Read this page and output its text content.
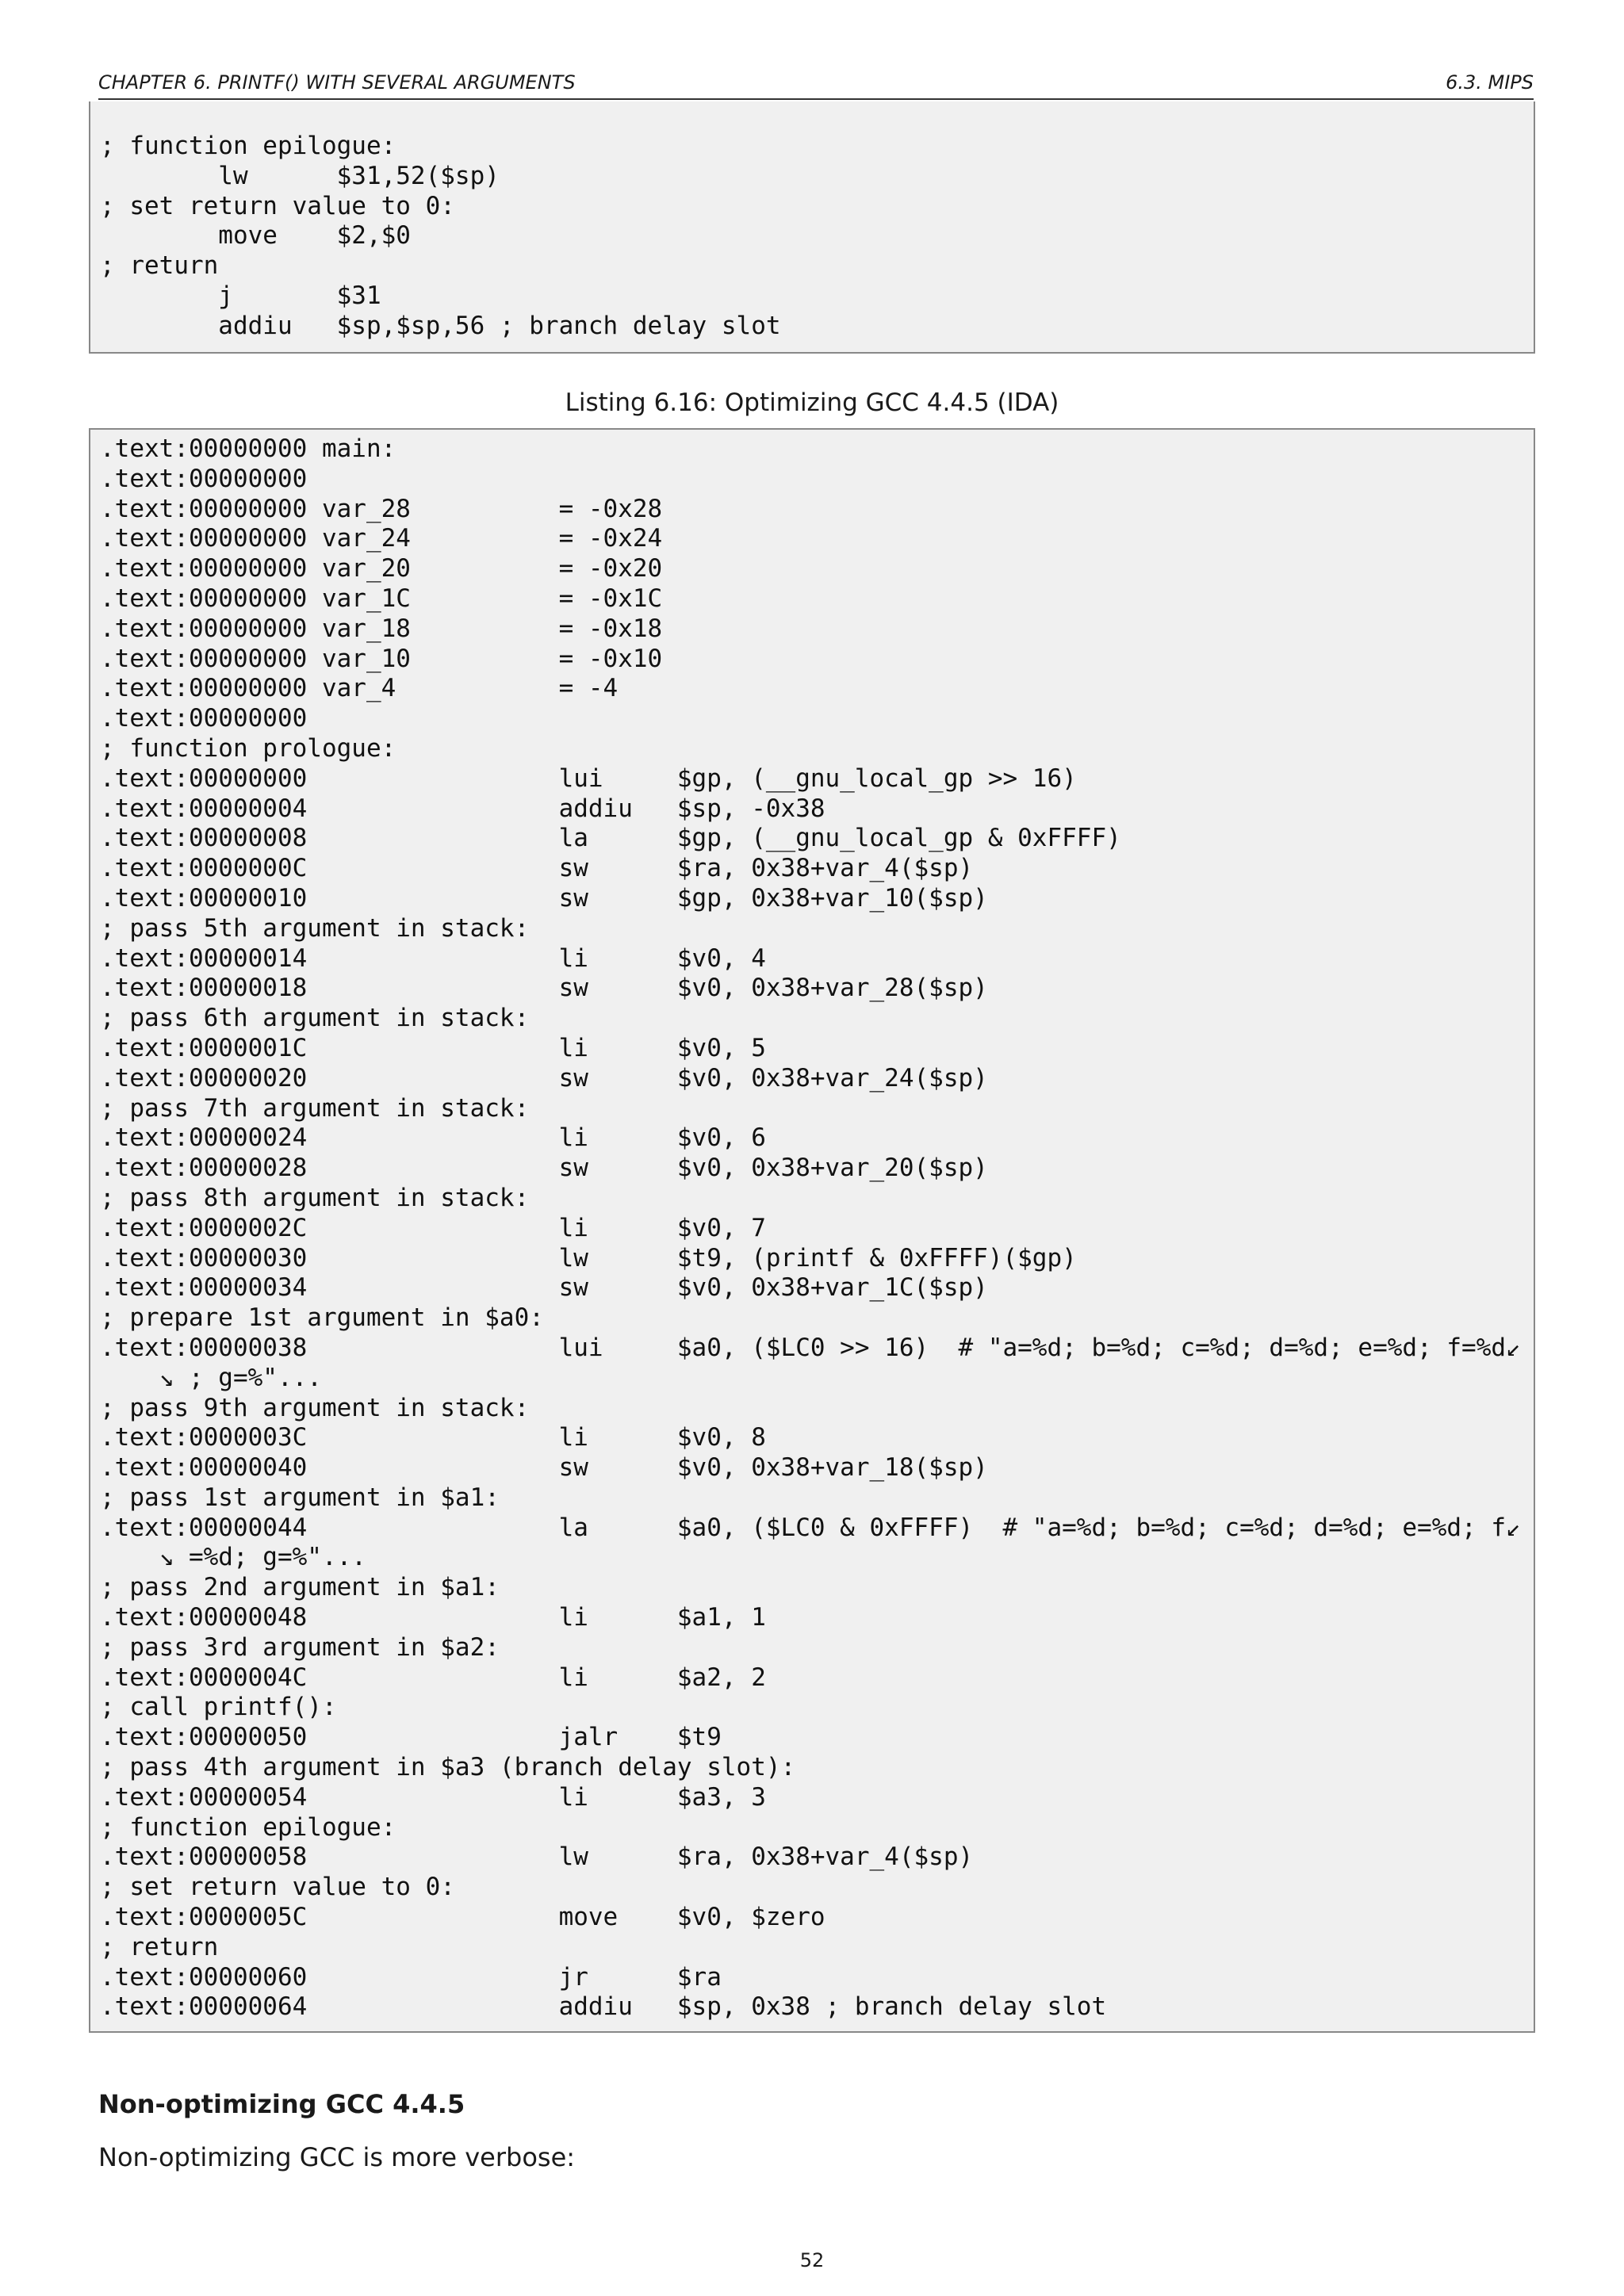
CHAPTER 6. PRINTF() WITH SEVERAL ARGUMENTS	6.3. MIPS
; function epilogue:
lw      $31,52($sp)
; set return value to 0:
move    $2,$0
; return
j       $31
addiu   $sp,$sp,56 ; branch delay slot
Listing 6.16: Optimizing GCC 4.4.5 (IDA)
.text:00000000 main:
.text:00000000
.text:00000000 var_28          = -0x28
.text:00000000 var_24          = -0x24
.text:00000000 var_20          = -0x20
.text:00000000 var_1C          = -0x1C
.text:00000000 var_18          = -0x18
.text:00000000 var_10          = -0x10
.text:00000000 var_4           = -4
.text:00000000
; function prologue:
.text:00000000                 lui     $gp, (__gnu_local_gp >> 16)
.text:00000004                 addiu   $sp, -0x38
.text:00000008                 la      $gp, (__gnu_local_gp & 0xFFFF)
.text:0000000C                 sw      $ra, 0x38+var_4($sp)
.text:00000010                 sw      $gp, 0x38+var_10($sp)
; pass 5th argument in stack:
.text:00000014                 li      $v0, 4
.text:00000018                 sw      $v0, 0x38+var_28($sp)
; pass 6th argument in stack:
.text:0000001C                 li      $v0, 5
.text:00000020                 sw      $v0, 0x38+var_24($sp)
; pass 7th argument in stack:
.text:00000024                 li      $v0, 6
.text:00000028                 sw      $v0, 0x38+var_20($sp)
; pass 8th argument in stack:
.text:0000002C                 li      $v0, 7
.text:00000030                 lw      $t9, (printf & 0xFFFF)($gp)
.text:00000034                 sw      $v0, 0x38+var_1C($sp)
; prepare 1st argument in $a0:
.text:00000038                 lui     $a0, ($LC0 >> 16)  # "a=%d; b=%d; c=%d; d=%d; e=%d; f=%d↙
↘ ; g=%"...
; pass 9th argument in stack:
.text:0000003C                 li      $v0, 8
.text:00000040                 sw      $v0, 0x38+var_18($sp)
; pass 1st argument in $a1:
.text:00000044                 la      $a0, ($LC0 & 0xFFFF)  # "a=%d; b=%d; c=%d; d=%d; e=%d; f↙
↘ =%d; g=%"...
; pass 2nd argument in $a1:
.text:00000048                 li      $a1, 1
; pass 3rd argument in $a2:
.text:0000004C                 li      $a2, 2
; call printf():
.text:00000050                 jalr    $t9
; pass 4th argument in $a3 (branch delay slot):
.text:00000054                 li      $a3, 3
; function epilogue:
.text:00000058                 lw      $ra, 0x38+var_4($sp)
; set return value to 0:
.text:0000005C                 move    $v0, $zero
; return
.text:00000060                 jr      $ra
.text:00000064                 addiu   $sp, 0x38 ; branch delay slot
Non-optimizing GCC 4.4.5
Non-optimizing GCC is more verbose:
52
